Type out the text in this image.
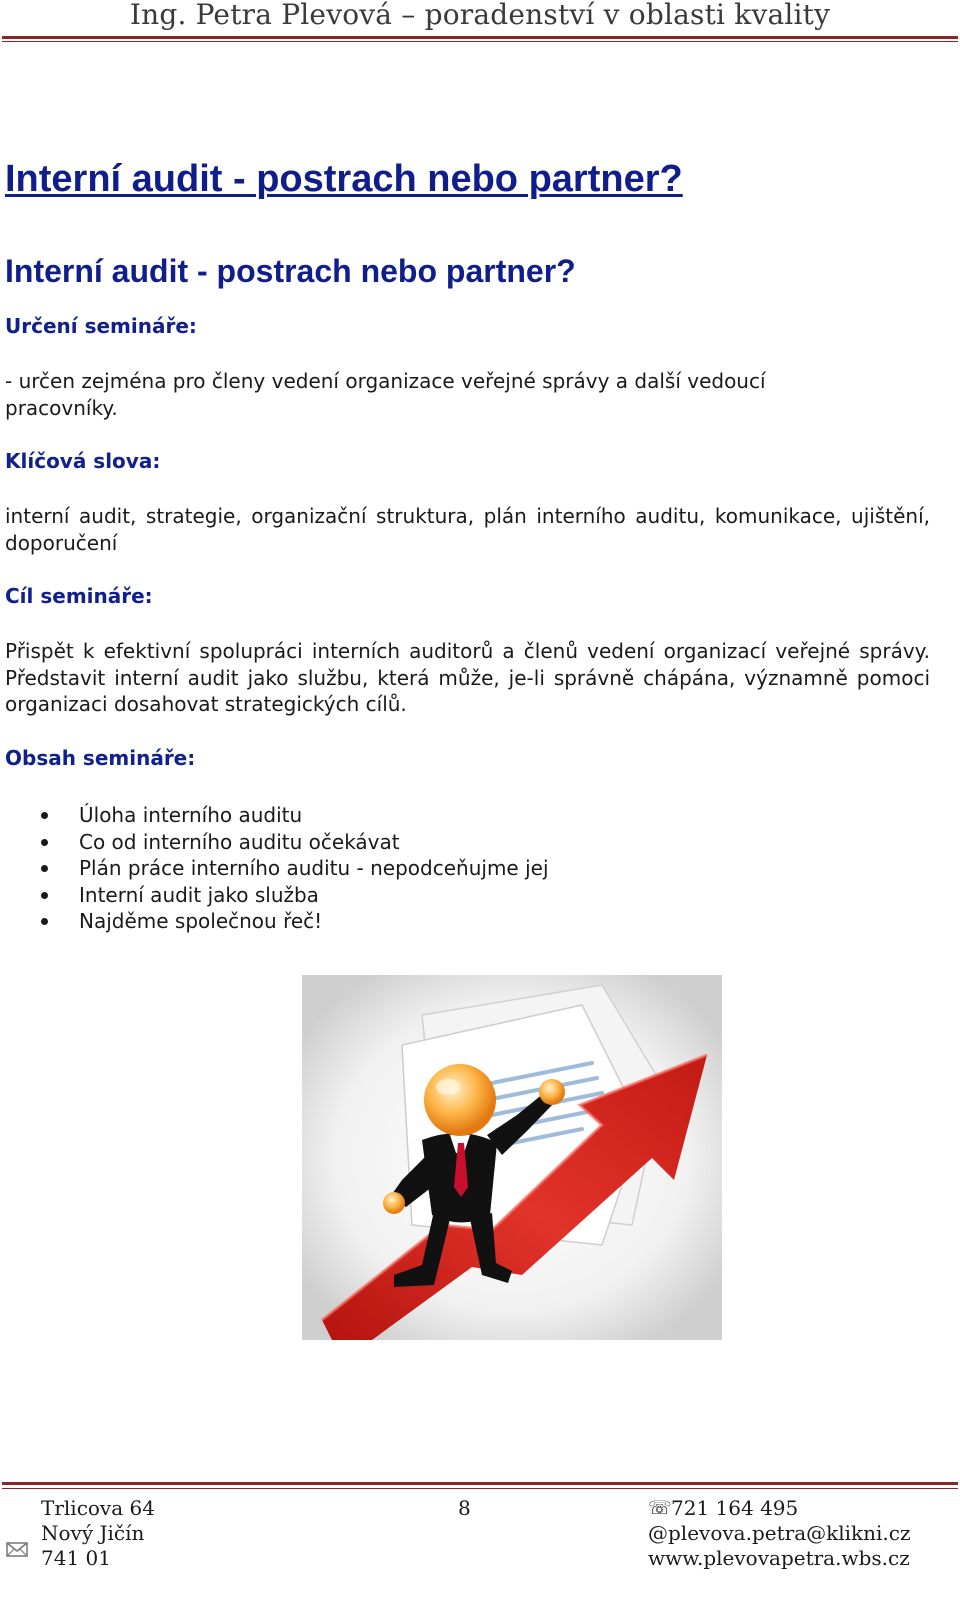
Ing. Petra Plevová – poradenství v oblasti kvality
Interní audit - postrach nebo partner?
Interní audit - postrach nebo partner?
Určení semináře:

- určen zejména pro členy vedení organizace veřejné správy a další vedoucí pracovníky.

Klíčová slova:

interní audit, strategie, organizační struktura, plán interního auditu, komunikace, ujištění, doporučení

Cíl semináře:

Přispět k efektivní spolupráci interních auditorů a členů vedení organizací veřejné správy. Představit interní audit jako službu, která může, je-li správně chápána, významně pomoci organizaci dosahovat strategických cílů.

Obsah semináře:
Úloha interního auditu
Co od interního auditu očekávat
Plán práce interního auditu - nepodceňujme jej
Interní audit jako služba
Najděme společnou řeč!
Trlicova 64
Nový Jičín
741 01
8	☏ 721 164 495
@plevova.petra@klikni.cz
www.plevovapetra.wbs.cz
